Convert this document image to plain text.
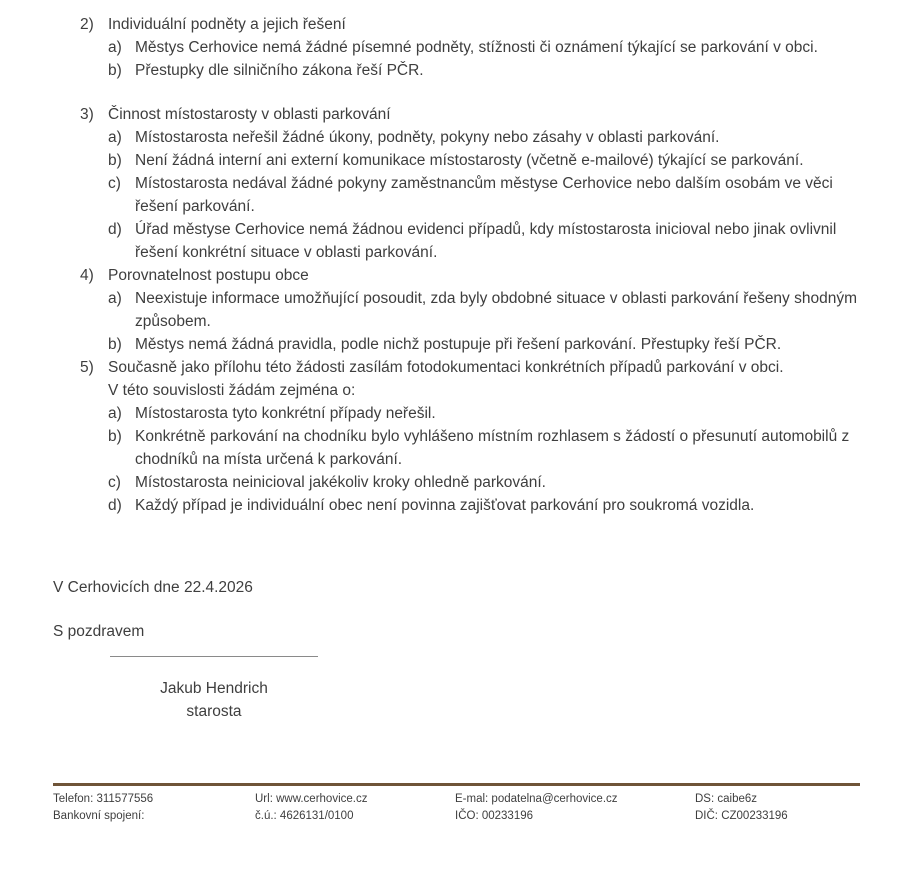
2) Individuální podněty a jejich řešení
a) Městys Cerhovice nemá žádné písemné podněty, stížnosti či oznámení týkající se parkování v obci.
b) Přestupky dle silničního zákona řeší PČR.
3) Činnost místostarosty v oblasti parkování
a) Místostarosta neřešil žádné úkony, podněty, pokyny nebo zásahy v oblasti parkování.
b) Není žádná interní ani externí komunikace místostarosty (včetně e-mailové) týkající se parkování.
c) Místostarosta nedával žádné pokyny zaměstnancům městyse Cerhovice nebo dalším osobám ve věci řešení parkování.
d) Úřad městyse Cerhovice nemá žádnou evidenci případů, kdy místostarosta inicioval nebo jinak ovlivnil řešení konkrétní situace v oblasti parkování.
4) Porovnatelnost postupu obce
a) Neexistuje informace umožňující posoudit, zda byly obdobné situace v oblasti parkování řešeny shodným způsobem.
b) Městys nemá žádná pravidla, podle nichž postupuje při řešení parkování. Přestupky řeší PČR.
5) Současně jako přílohu této žádosti zasílám fotodokumentaci konkrétních případů parkování v obci.
V této souvislosti žádám zejména o:
a) Místostarosta tyto konkrétní případy neřešil.
b) Konkrétně parkování na chodníku bylo vyhlášeno místním rozhlasem s žádostí o přesunutí automobilů z chodníků na místa určená k parkování.
c) Místostarosta neinicioval jakékoliv kroky ohledně parkování.
d) Každý případ je individuální obec není povinna zajišťovat parkování pro soukromá vozidla.
V Cerhovicích dne 22.4.2026
S pozdravem
Jakub Hendrich
starosta
Telefon: 311577556
Bankovní spojení:
Url: www.cerhovice.cz
č.ú.: 4626131/0100
E-mal: podatelna@cerhovice.cz
IČO: 00233196
DS: caibe6z
DIČ: CZ00233196
